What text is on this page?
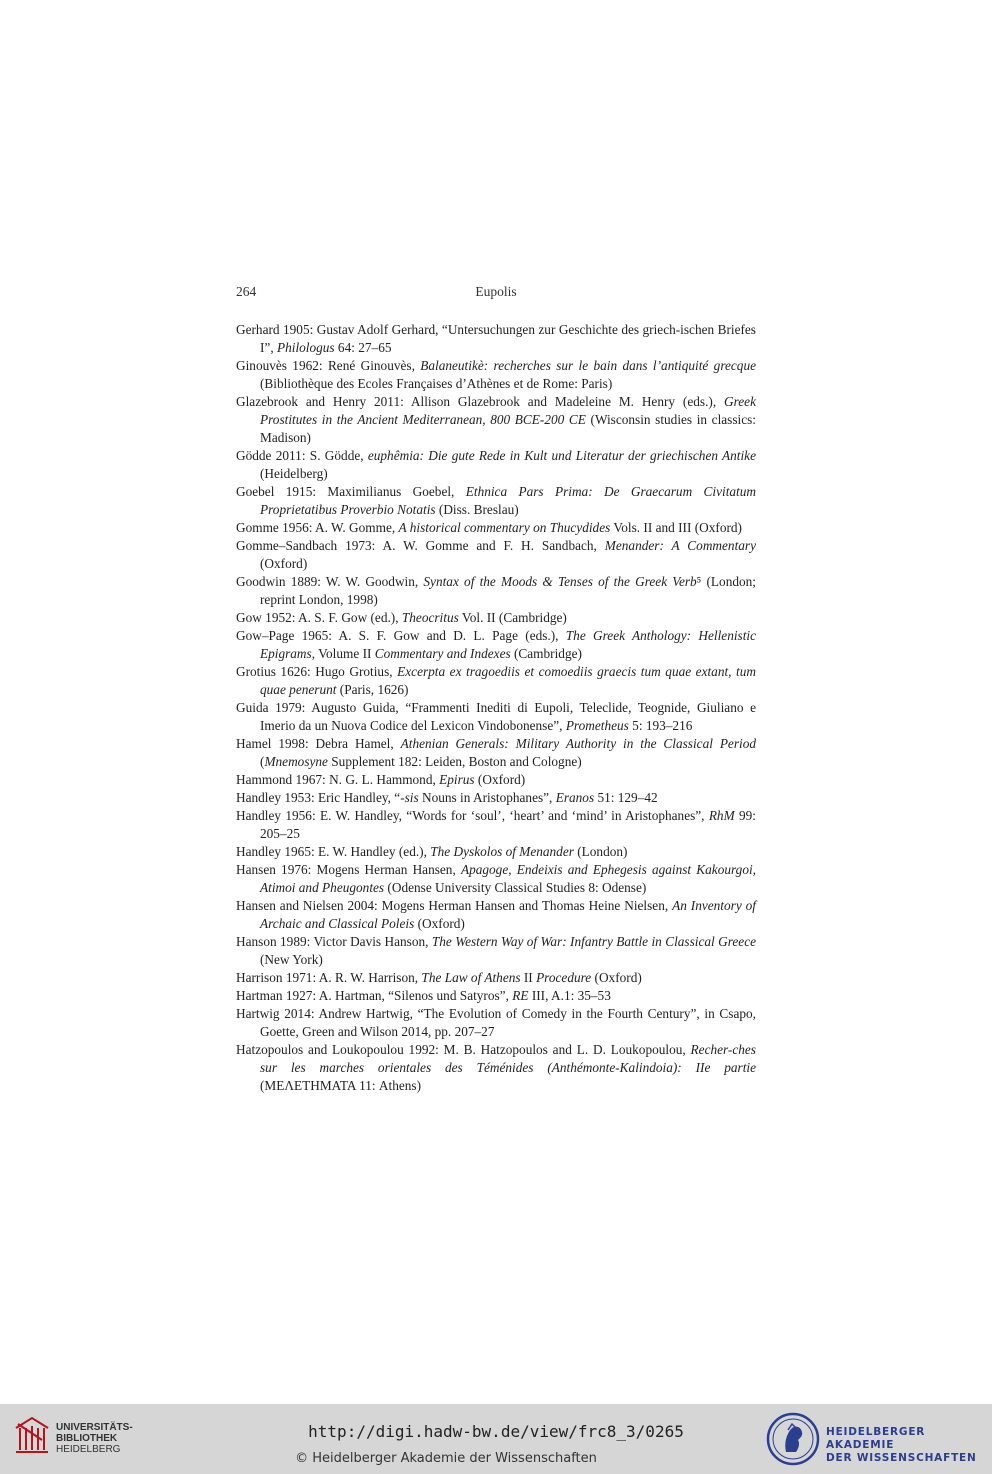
264	Eupolis
Gerhard 1905: Gustav Adolf Gerhard, “Untersuchungen zur Geschichte des griech-ischen Briefes I”, Philologus 64: 27–65
Ginouvès 1962: René Ginouvès, Balaneutikè: recherches sur le bain dans l’antiquité grecque (Bibliothèque des Ecoles Françaises d’Athènes et de Rome: Paris)
Glazebrook and Henry 2011: Allison Glazebrook and Madeleine M. Henry (eds.), Greek Prostitutes in the Ancient Mediterranean, 800 BCE-200 CE (Wisconsin studies in classics: Madison)
Gödde 2011: S. Gödde, euphêmia: Die gute Rede in Kult und Literatur der griechischen Antike (Heidelberg)
Goebel 1915: Maximilianus Goebel, Ethnica Pars Prima: De Graecarum Civitatum Proprietatibus Proverbio Notatis (Diss. Breslau)
Gomme 1956: A. W. Gomme, A historical commentary on Thucydides Vols. II and III (Oxford)
Gomme–Sandbach 1973: A. W. Gomme and F. H. Sandbach, Menander: A Commentary (Oxford)
Goodwin 1889: W. W. Goodwin, Syntax of the Moods & Tenses of the Greek Verb⁵ (London; reprint London, 1998)
Gow 1952: A. S. F. Gow (ed.), Theocritus Vol. II (Cambridge)
Gow–Page 1965: A. S. F. Gow and D. L. Page (eds.), The Greek Anthology: Hellenistic Epigrams, Volume II Commentary and Indexes (Cambridge)
Grotius 1626: Hugo Grotius, Excerpta ex tragoediis et comoediis graecis tum quae extant, tum quae penerunt (Paris, 1626)
Guida 1979: Augusto Guida, “Frammenti Inediti di Eupoli, Teleclide, Teognide, Giuliano e Imerio da un Nuova Codice del Lexicon Vindobonense”, Prometheus 5: 193–216
Hamel 1998: Debra Hamel, Athenian Generals: Military Authority in the Classical Period (Mnemosyne Supplement 182: Leiden, Boston and Cologne)
Hammond 1967: N. G. L. Hammond, Epirus (Oxford)
Handley 1953: Eric Handley, “-sis Nouns in Aristophanes”, Eranos 51: 129–42
Handley 1956: E. W. Handley, “Words for ‘soul’, ‘heart’ and ‘mind’ in Aristophanes”, RhM 99: 205–25
Handley 1965: E. W. Handley (ed.), The Dyskolos of Menander (London)
Hansen 1976: Mogens Herman Hansen, Apagoge, Endeixis and Ephegesis against Kakourgoi, Atimoi and Pheugontes (Odense University Classical Studies 8: Odense)
Hansen and Nielsen 2004: Mogens Herman Hansen and Thomas Heine Nielsen, An Inventory of Archaic and Classical Poleis (Oxford)
Hanson 1989: Victor Davis Hanson, The Western Way of War: Infantry Battle in Classical Greece (New York)
Harrison 1971: A. R. W. Harrison, The Law of Athens II Procedure (Oxford)
Hartman 1927: A. Hartman, “Silenos und Satyros”, RE III, A.1: 35–53
Hartwig 2014: Andrew Hartwig, “The Evolution of Comedy in the Fourth Century”, in Csapo, Goette, Green and Wilson 2014, pp. 207–27
Hatzopoulos and Loukopoulou 1992: M. B. Hatzopoulos and L. D. Loukopoulou, Recher-ches sur les marches orientales des Téménides (Anthémonte-Kalindoia): IIe partie (ΜΕΛΕΤΗΜΑΤΑ 11: Athens)
UNIVERSITÄTS-
BIBLIOTHEK
HEIDELBERG
http://digi.hadw-bw.de/view/frc8_3/0265
© Heidelberger Akademie der Wissenschaften
HEIDELBERGER AKADEMIE
DER WISSENSCHAFTEN
